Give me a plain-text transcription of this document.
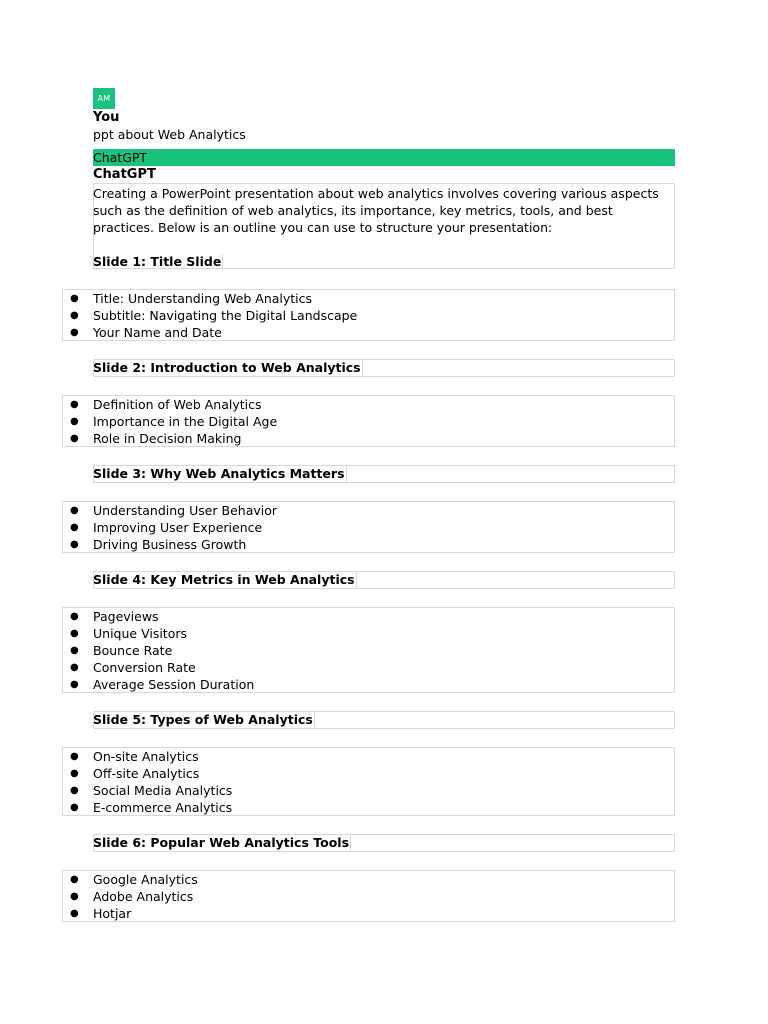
AM
You
ppt about Web Analytics
ChatGPT
ChatGPT
Creating a PowerPoint presentation about web analytics involves covering various aspects such as the definition of web analytics, its importance, key metrics, tools, and best practices. Below is an outline you can use to structure your presentation:
Slide 1: Title Slide
● Title: Understanding Web Analytics
● Subtitle: Navigating the Digital Landscape
● Your Name and Date
Slide 2: Introduction to Web Analytics
● Definition of Web Analytics
● Importance in the Digital Age
● Role in Decision Making
Slide 3: Why Web Analytics Matters
● Understanding User Behavior
● Improving User Experience
● Driving Business Growth
Slide 4: Key Metrics in Web Analytics
● Pageviews
● Unique Visitors
● Bounce Rate
● Conversion Rate
● Average Session Duration
Slide 5: Types of Web Analytics
● On-site Analytics
● Off-site Analytics
● Social Media Analytics
● E-commerce Analytics
Slide 6: Popular Web Analytics Tools
● Google Analytics
● Adobe Analytics
● Hotjar
